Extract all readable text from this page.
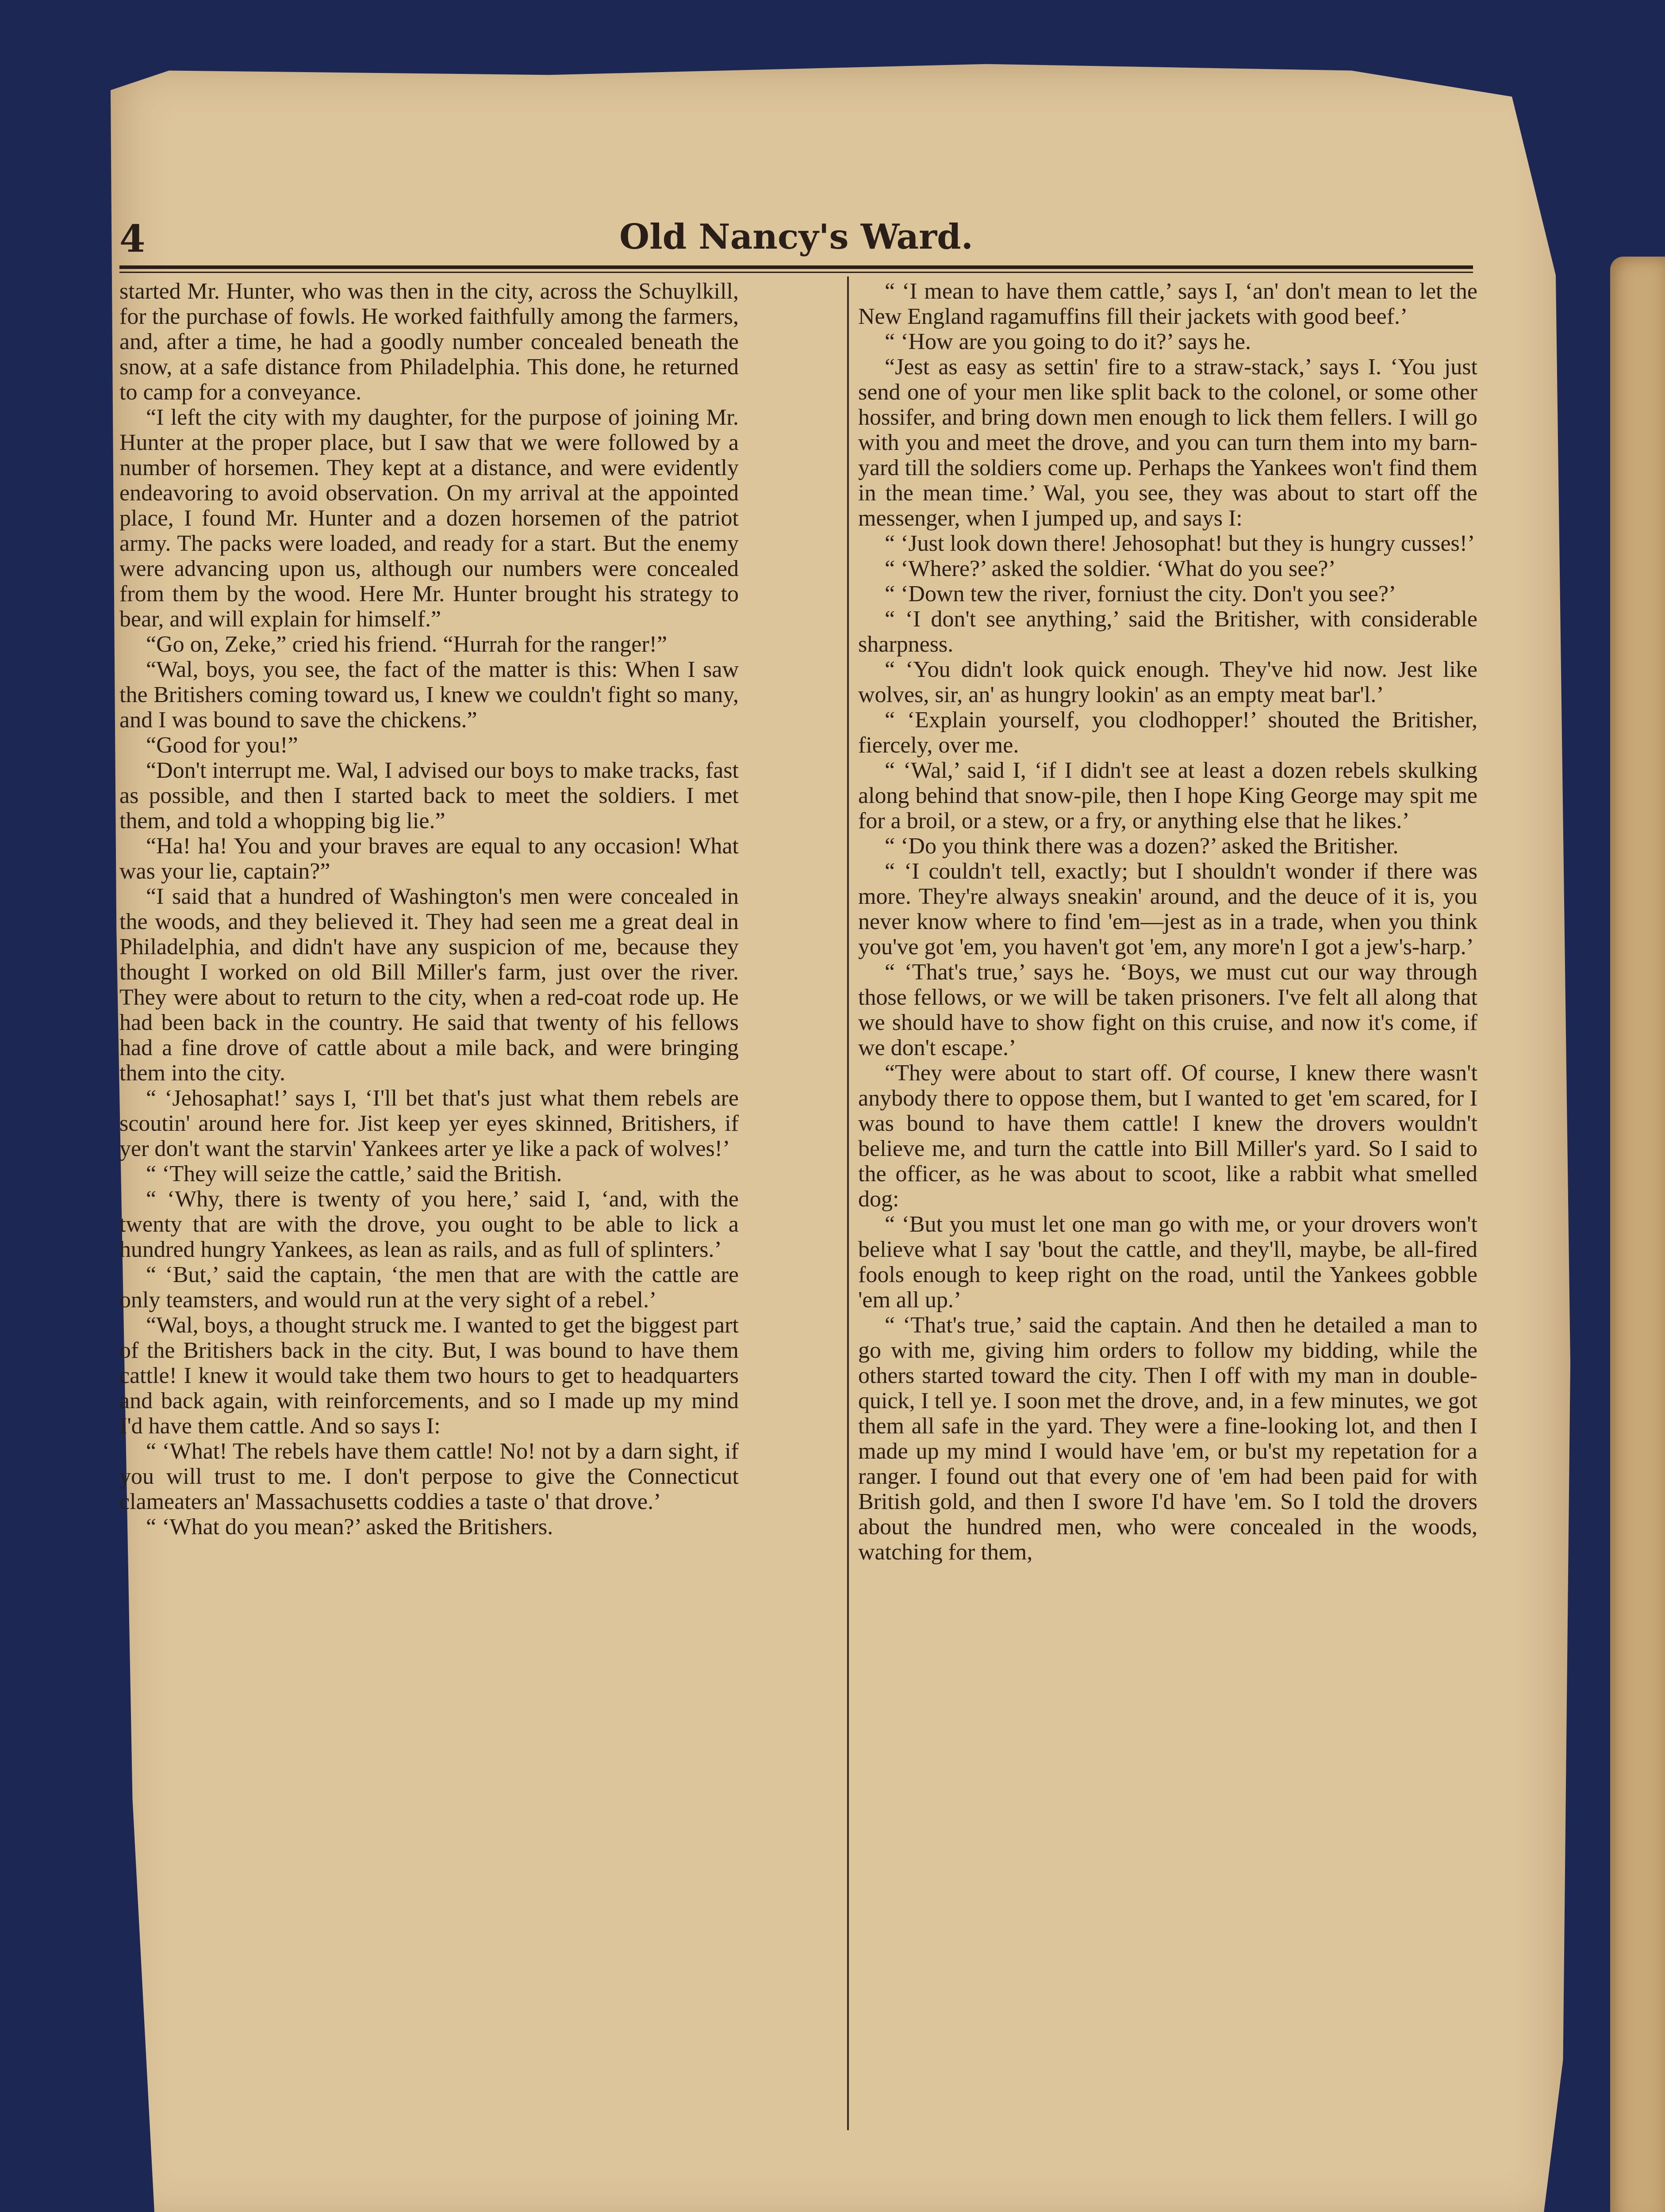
4	Old Nancy's Ward.

started Mr. Hunter, who was then in the city, across the Schuylkill, for the purchase of fowls. He worked faithfully among the farmers, and, after a time, he had a goodly number concealed beneath the snow, at a safe distance from Philadelphia. This done, he returned to camp for a conveyance.

“I left the city with my daughter, for the purpose of joining Mr. Hunter at the proper place, but I saw that we were followed by a number of horsemen. They kept at a distance, and were evidently endeavoring to avoid observation. On my arrival at the appointed place, I found Mr. Hunter and a dozen horsemen of the patriot army. The packs were loaded, and ready for a start. But the enemy were advancing upon us, although our numbers were concealed from them by the wood. Here Mr. Hunter brought his strategy to bear, and will explain for himself.”

“Go on, Zeke,” cried his friend. “Hurrah for the ranger!”

“Wal, boys, you see, the fact of the matter is this: When I saw the Britishers coming toward us, I knew we couldn't fight so many, and I was bound to save the chickens.”

“Good for you!”

“Don't interrupt me. Wal, I advised our boys to make tracks, fast as possible, and then I started back to meet the soldiers. I met them, and told a whopping big lie.”

“Ha! ha! You and your braves are equal to any occasion! What was your lie, captain?”

“I said that a hundred of Washington's men were concealed in the woods, and they believed it. They had seen me a great deal in Philadelphia, and didn't have any suspicion of me, because they thought I worked on old Bill Miller's farm, just over the river. They were about to return to the city, when a red-coat rode up. He had been back in the country. He said that twenty of his fellows had a fine drove of cattle about a mile back, and were bringing them into the city.

“ ‘Jehosaphat!’ says I, ‘I'll bet that's just what them rebels are scoutin' around here for. Jist keep yer eyes skinned, Britishers, if yer don't want the starvin' Yankees arter ye like a pack of wolves!’

“ ‘They will seize the cattle,’ said the British.

“ ‘Why, there is twenty of you here,’ said I, ‘and, with the twenty that are with the drove, you ought to be able to lick a hundred hungry Yankees, as lean as rails, and as full of splinters.’

“ ‘But,’ said the captain, ‘the men that are with the cattle are only teamsters, and would run at the very sight of a rebel.’

“Wal, boys, a thought struck me. I wanted to get the biggest part of the Britishers back in the city. But, I was bound to have them cattle! I knew it would take them two hours to get to headquarters and back again, with reinforcements, and so I made up my mind I'd have them cattle. And so says I:

“ ‘What! The rebels have them cattle! No! not by a darn sight, if you will trust to me. I don't perpose to give the Connecticut clameaters an' Massachusetts coddies a taste o' that drove.’

“ ‘What do you mean?’ asked the Britishers.

“ ‘I mean to have them cattle,’ says I, ‘an' don't mean to let the New England ragamuffins fill their jackets with good beef.’

“ ‘How are you going to do it?’ says he.

“Jest as easy as settin' fire to a straw-stack,’ says I. ‘You just send one of your men like split back to the colonel, or some other hossifer, and bring down men enough to lick them fellers. I will go with you and meet the drove, and you can turn them into my barn-yard till the soldiers come up. Perhaps the Yankees won't find them in the mean time.’ Wal, you see, they was about to start off the messenger, when I jumped up, and says I:

“ ‘Just look down there! Jehosophat! but they is hungry cusses!’

“ ‘Where?’ asked the soldier. ‘What do you see?’

“ ‘Down tew the river, forniust the city. Don't you see?’

“ ‘I don't see anything,’ said the Britisher, with considerable sharpness.

“ ‘You didn't look quick enough. They've hid now. Jest like wolves, sir, an' as hungry lookin' as an empty meat bar'l.’

“ ‘Explain yourself, you clodhopper!’ shouted the Britisher, fiercely, over me.

“ ‘Wal,’ said I, ‘if I didn't see at least a dozen rebels skulking along behind that snow-pile, then I hope King George may spit me for a broil, or a stew, or a fry, or anything else that he likes.’

“ ‘Do you think there was a dozen?’ asked the Britisher.

“ ‘I couldn't tell, exactly; but I shouldn't wonder if there was more. They're always sneakin' around, and the deuce of it is, you never know where to find 'em—jest as in a trade, when you think you've got 'em, you haven't got 'em, any more'n I got a jew's-harp.’

“ ‘That's true,’ says he. ‘Boys, we must cut our way through those fellows, or we will be taken prisoners. I've felt all along that we should have to show fight on this cruise, and now it's come, if we don't escape.’

“They were about to start off. Of course, I knew there wasn't anybody there to oppose them, but I wanted to get 'em scared, for I was bound to have them cattle! I knew the drovers wouldn't believe me, and turn the cattle into Bill Miller's yard. So I said to the officer, as he was about to scoot, like a rabbit what smelled dog:

“ ‘But you must let one man go with me, or your drovers won't believe what I say 'bout the cattle, and they'll, maybe, be all-fired fools enough to keep right on the road, until the Yankees gobble 'em all up.’

“ ‘That's true,’ said the captain. And then he detailed a man to go with me, giving him orders to follow my bidding, while the others started toward the city. Then I off with my man in double-quick, I tell ye. I soon met the drove, and, in a few minutes, we got them all safe in the yard. They were a fine-looking lot, and then I made up my mind I would have 'em, or bu'st my repetation for a ranger. I found out that every one of 'em had been paid for with British gold, and then I swore I'd have 'em. So I told the drovers about the hundred men, who were concealed in the woods, watching for them,
